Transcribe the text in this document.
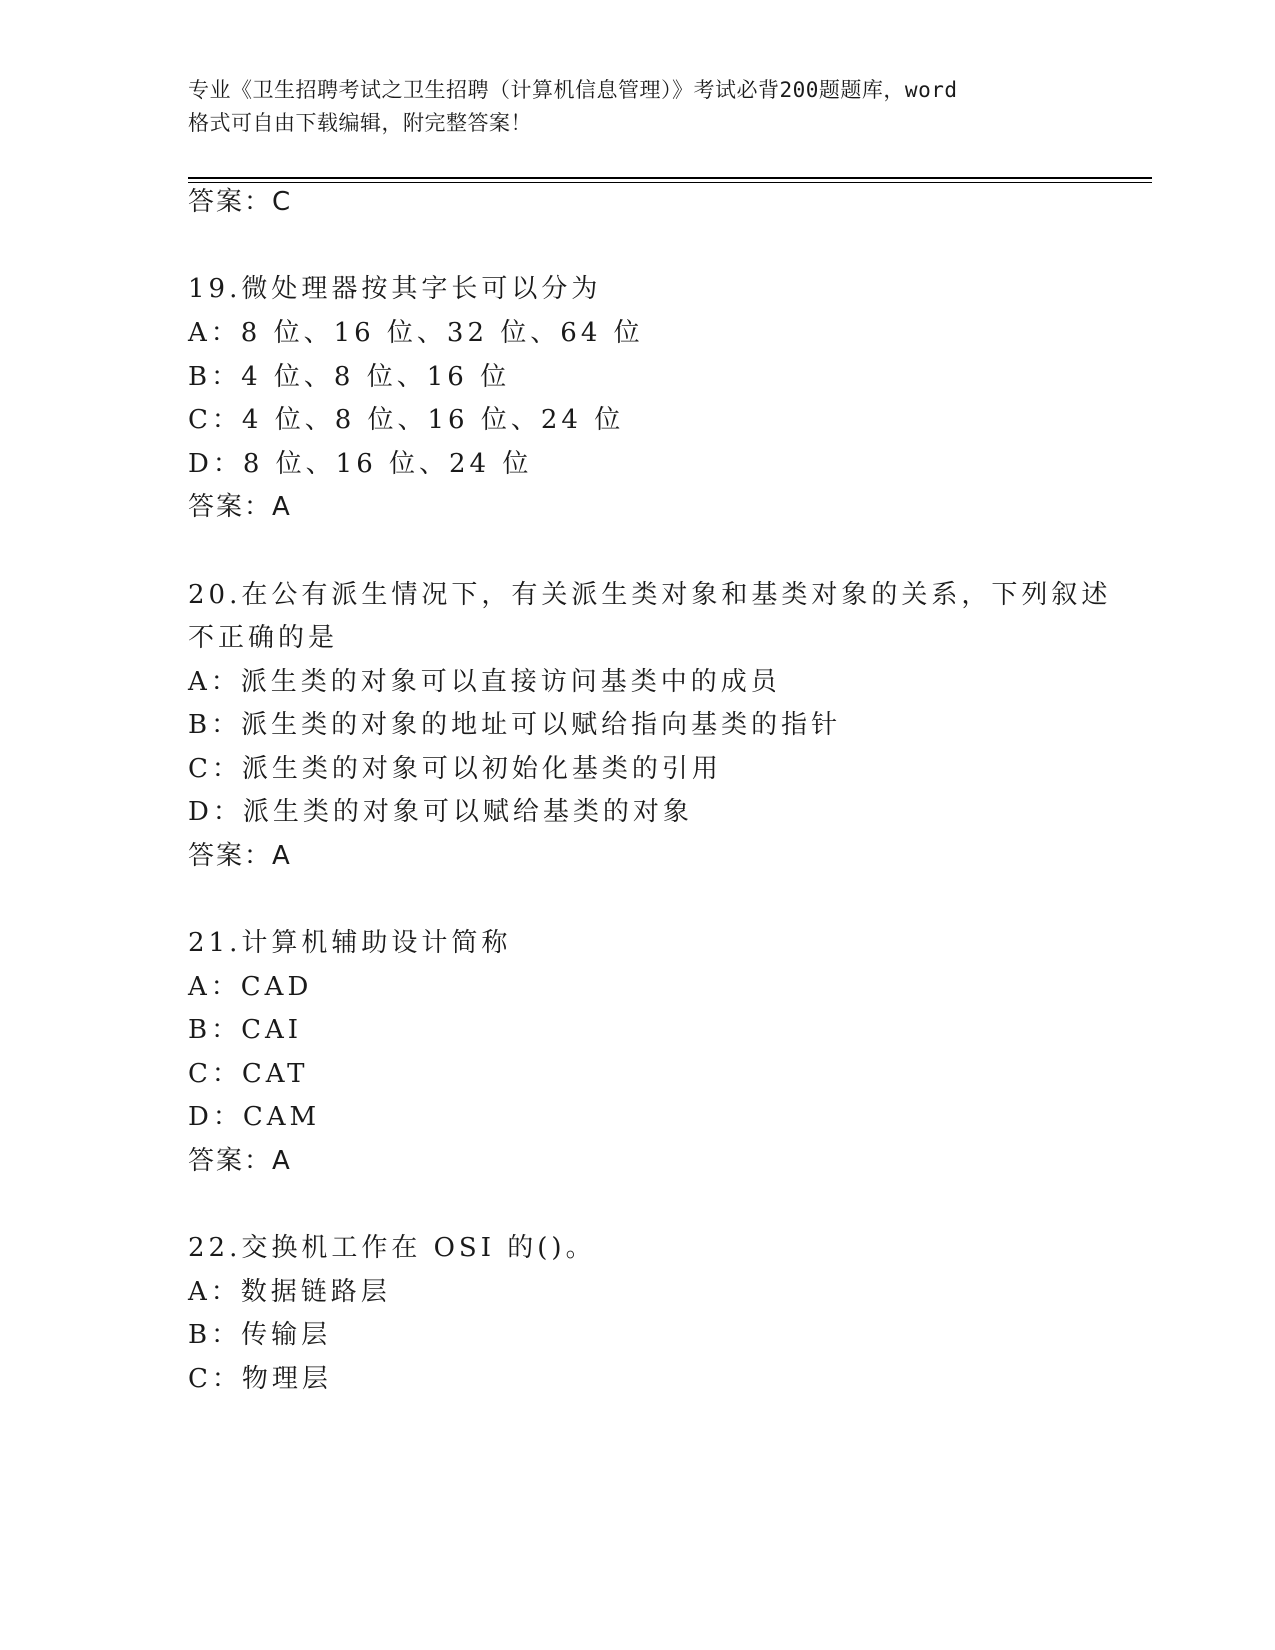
专业《卫生招聘考试之卫生招聘（计算机信息管理）》考试必背200题题库，word
格式可自由下载编辑，附完整答案！
答案：C
19.微处理器按其字长可以分为
A：8 位、16 位、32 位、64 位
B：4 位、8 位、16 位
C：4 位、8 位、16 位、24 位
D：8 位、16 位、24 位
答案：A
20.在公有派生情况下，有关派生类对象和基类对象的关系，下列叙述
不正确的是
A：派生类的对象可以直接访问基类中的成员
B：派生类的对象的地址可以赋给指向基类的指针
C：派生类的对象可以初始化基类的引用
D：派生类的对象可以赋给基类的对象
答案：A
21.计算机辅助设计简称
A：CAD
B：CAI
C：CAT
D：CAM
答案：A
22.交换机工作在 OSI 的()。
A：数据链路层
B：传输层
C：物理层
